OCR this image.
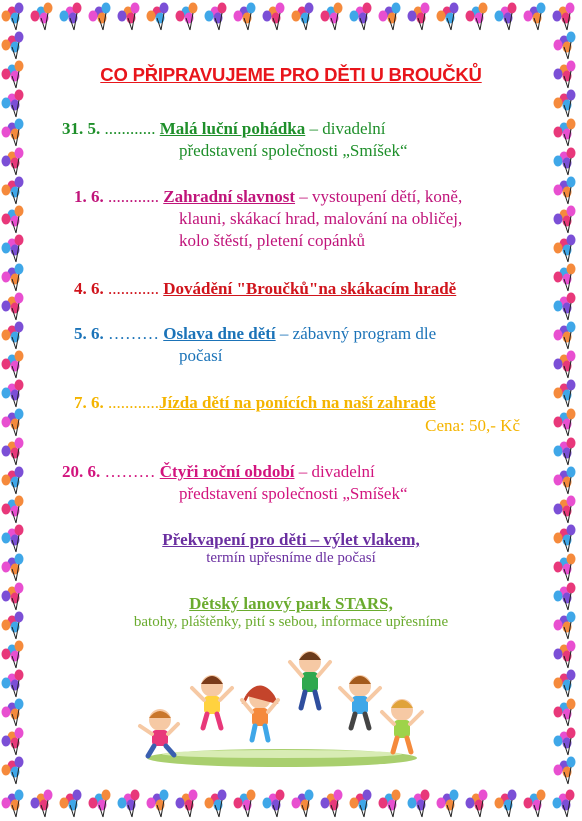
CO PŘIPRAVUJEME PRO DĚTI U BROUČKŮ
31. 5. ............ Malá luční pohádka – divadelní
představení společnosti „Smíšek“
1. 6. ............ Zahradní slavnost – vystoupení dětí, koně,
klauni, skákací hrad, malování na obličej,
kolo štěstí, pletení copánků
4. 6. ............ Dovádění "Broučků"na skákacím hradě
5. 6. ……… Oslava dne dětí – zábavný program dle
počasí
7. 6. ............Jízda dětí na ponících na naší zahradě
Cena: 50,- Kč
20. 6. ……… Čtyři roční období – divadelní
představení společnosti „Smíšek“
Překvapení pro děti – výlet vlakem,
termín upřesníme dle počasí
Dětský lanový park STARS,
batohy, pláštěnky, pití s sebou, informace upřesníme
